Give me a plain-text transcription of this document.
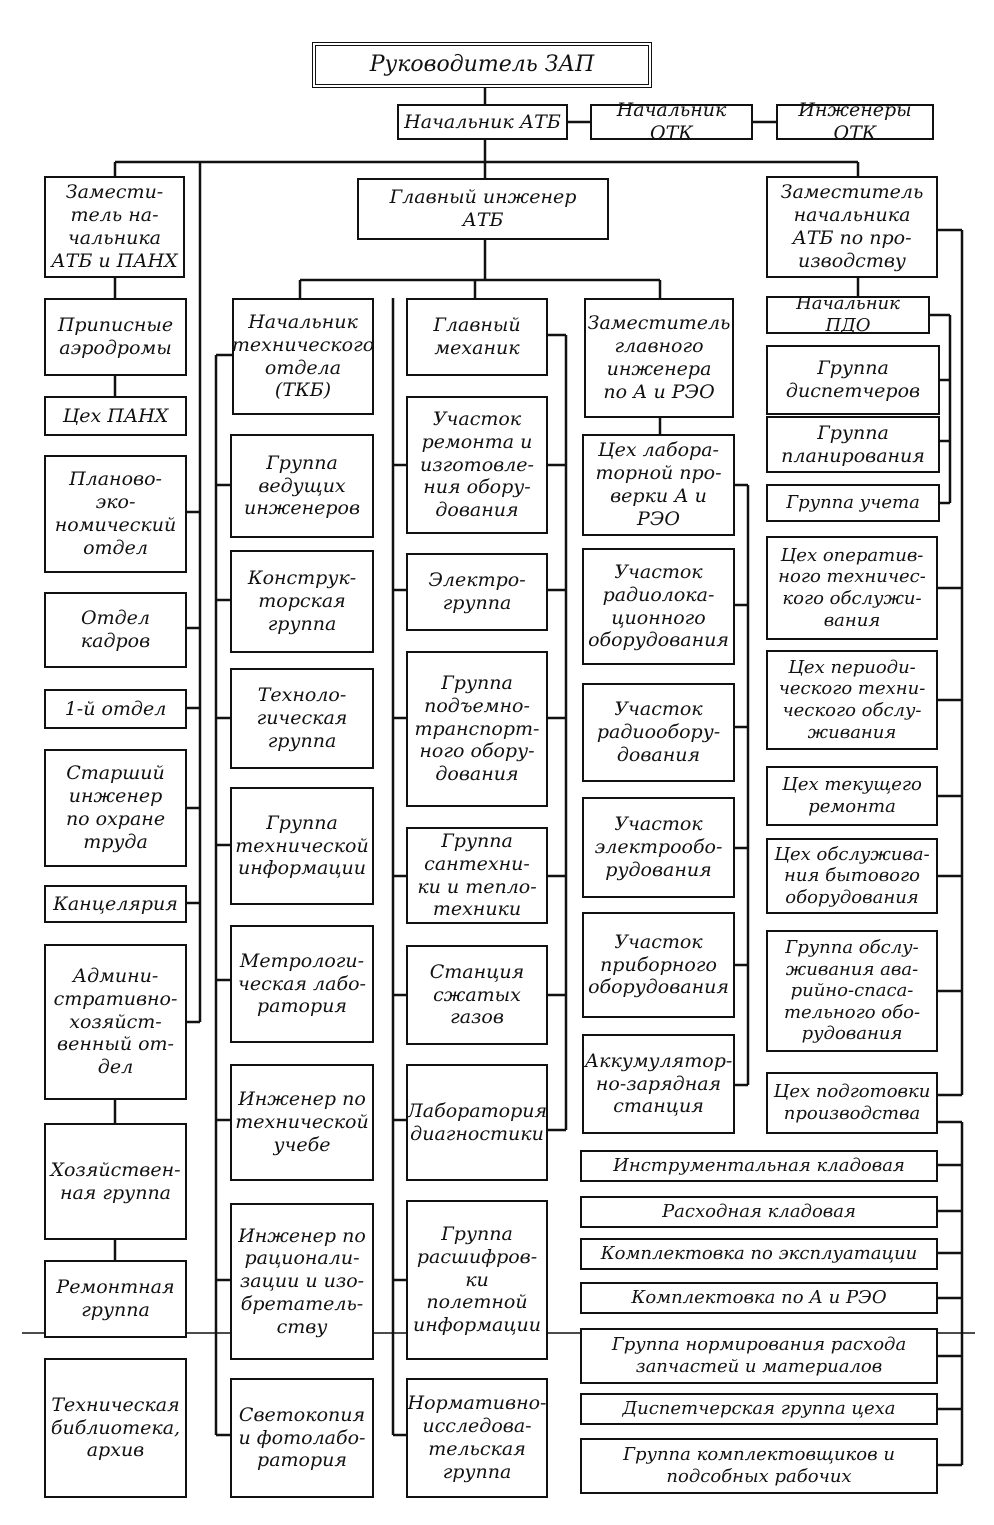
Руководитель ЗАП
Начальник АТБ
Начальник ОТК
Инженеры ОТК
Замести-
тель на-
чальника
АТБ и ПАНХ
Главный инженер
АТБ
Заместитель
начальника
АТБ по про-
изводству
Приписные
аэродромы
Цех ПАНХ
Планово-эко-
номический
отдел
Отдел
кадров
1-й отдел
Старший
инженер
по охране
труда
Канцелярия
Админи-
стративно-
хозяйст-
венный от-
дел
Хозяйствен-
ная группа
Ремонтная
группа
Техническая
библиотека,
архив
Начальник
технического
отдела
(ТКБ)
Группа
ведущих
инженеров
Конструк-
торская
группа
Техноло-
гическая
группа
Группа
технической
информации
Метрологи-
ческая лабо-
ратория
Инженер по
технической
учебе
Инженер по
рационали-
зации и изо-
бретатель-
ству
Светокопия
и фотолабо-
ратория
Главный
механик
Участок
ремонта и
изготовле-
ния обору-
дования
Электро-
группа
Группа
подъемно-
транспорт-
ного обору-
дования
Группа
сантехни-
ки и тепло-
техники
Станция
сжатых
газов
Лаборатория
диагностики
Группа
расшифров-
ки полетной
информации
Нормативно-
исследова-
тельская
группа
Заместитель
главного
инженера
по А и РЭО
Цех лабора-
торной про-
верки А и РЭО
Участок
радиолока-
ционного
оборудования
Участок
радиообору-
дования
Участок
электрообо-
рудования
Участок
приборного
оборудования
Аккумулятор-
но-зарядная
станция
Начальник ПДО
Группа
диспетчеров
Группа
планирования
Группа учета
Цех оператив-
ного техничес-
кого обслужи-
вания
Цех периоди-
ческого техни-
ческого обслу-
живания
Цех текущего
ремонта
Цех обслужива-
ния бытового
оборудования
Группа обслу-
живания ава-
рийно-спаса-
тельного обо-
рудования
Цех подготовки
производства
Инструментальная кладовая
Расходная кладовая
Комплектовка по эксплуатации
Комплектовка по А и РЭО
Группа нормирования расхода
запчастей и материалов
Диспетчерская группа цеха
Группа комплектовщиков и
подсобных рабочих
